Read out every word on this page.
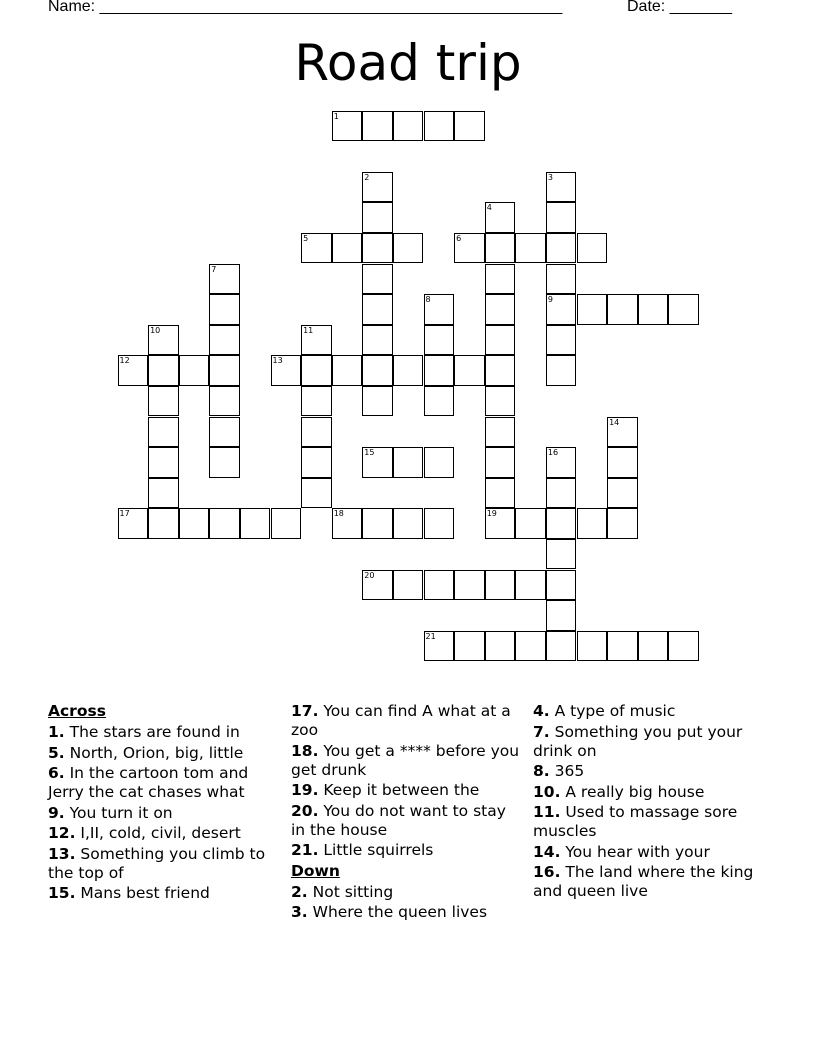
Name: ____________________________________________________	Date: _______
Road trip
1
5	6
9
12	13
15
17	18	19
20
21
2	3
4
7
8
10	11
14
16
Across
1. The stars are found in
5. North, Orion, big, little
6. In the cartoon tom and Jerry the cat chases what
9. You turn it on
12. I,II, cold, civil, desert
13. Something you climb to the top of
15. Mans best friend
17. You can find A what at a zoo
18. You get a **** before you get drunk
19. Keep it between the
20. You do not want to stay in the house
21. Little squirrels
Down
2. Not sitting
3. Where the queen lives
4. A type of music
7. Something you put your drink on
8. 365
10. A really big house
11. Used to massage sore muscles
14. You hear with your
16. The land where the king and queen live
